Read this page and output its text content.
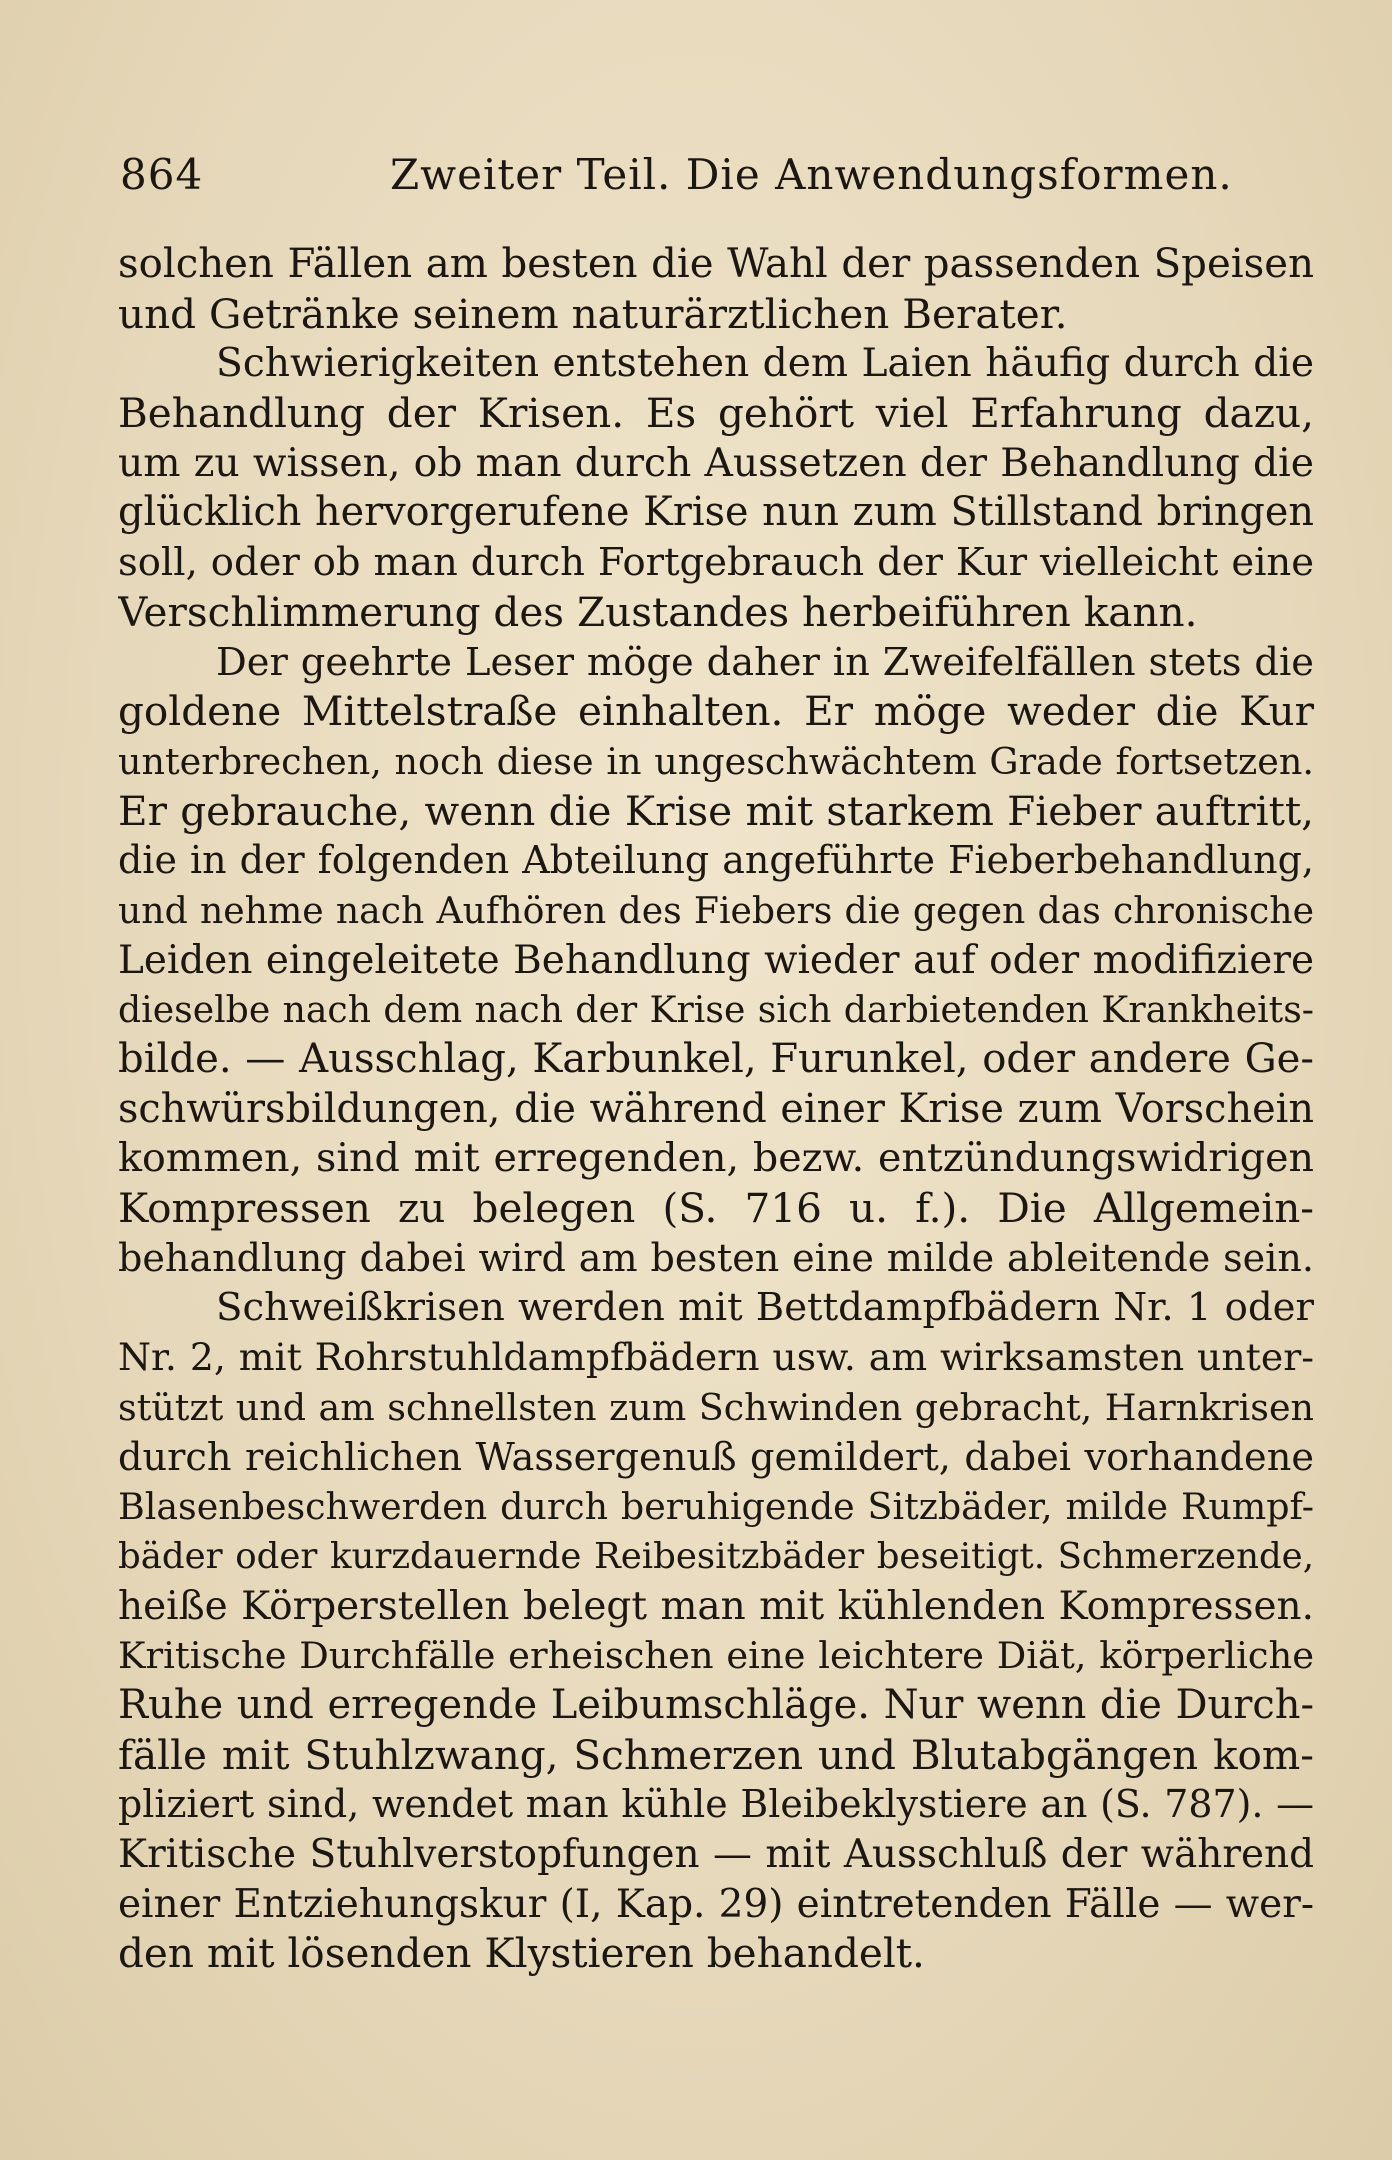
864	Zweiter Teil. Die Anwendungsformen.
solchen Fällen am besten die Wahl der passenden Speisen
und Getränke seinem naturärztlichen Berater.
Schwierigkeiten entstehen dem Laien häufig durch die
Behandlung der Krisen. Es gehört viel Erfahrung dazu,
um zu wissen, ob man durch Aussetzen der Behandlung die
glücklich hervorgerufene Krise nun zum Stillstand bringen
soll, oder ob man durch Fortgebrauch der Kur vielleicht eine
Verschlimmerung des Zustandes herbeiführen kann.
Der geehrte Leser möge daher in Zweifelfällen stets die
goldene Mittelstraße einhalten. Er möge weder die Kur
unterbrechen, noch diese in ungeschwächtem Grade fortsetzen.
Er gebrauche, wenn die Krise mit starkem Fieber auftritt,
die in der folgenden Abteilung angeführte Fieberbehandlung,
und nehme nach Aufhören des Fiebers die gegen das chronische
Leiden eingeleitete Behandlung wieder auf oder modifiziere
dieselbe nach dem nach der Krise sich darbietenden Krankheits-
bilde. — Ausschlag, Karbunkel, Furunkel, oder andere Ge-
schwürsbildungen, die während einer Krise zum Vorschein
kommen, sind mit erregenden, bezw. entzündungswidrigen
Kompressen zu belegen (S. 716 u. f.). Die Allgemein-
behandlung dabei wird am besten eine milde ableitende sein.
Schweißkrisen werden mit Bettdampfbädern Nr. 1 oder
Nr. 2, mit Rohrstuhldampfbädern usw. am wirksamsten unter-
stützt und am schnellsten zum Schwinden gebracht, Harnkrisen
durch reichlichen Wassergenuß gemildert, dabei vorhandene
Blasenbeschwerden durch beruhigende Sitzbäder, milde Rumpf-
bäder oder kurzdauernde Reibesitzbäder beseitigt. Schmerzende,
heiße Körperstellen belegt man mit kühlenden Kompressen.
Kritische Durchfälle erheischen eine leichtere Diät, körperliche
Ruhe und erregende Leibumschläge. Nur wenn die Durch-
fälle mit Stuhlzwang, Schmerzen und Blutabgängen kom-
pliziert sind, wendet man kühle Bleibeklystiere an (S. 787). —
Kritische Stuhlverstopfungen — mit Ausschluß der während
einer Entziehungskur (I, Kap. 29) eintretenden Fälle — wer-
den mit lösenden Klystieren behandelt.
